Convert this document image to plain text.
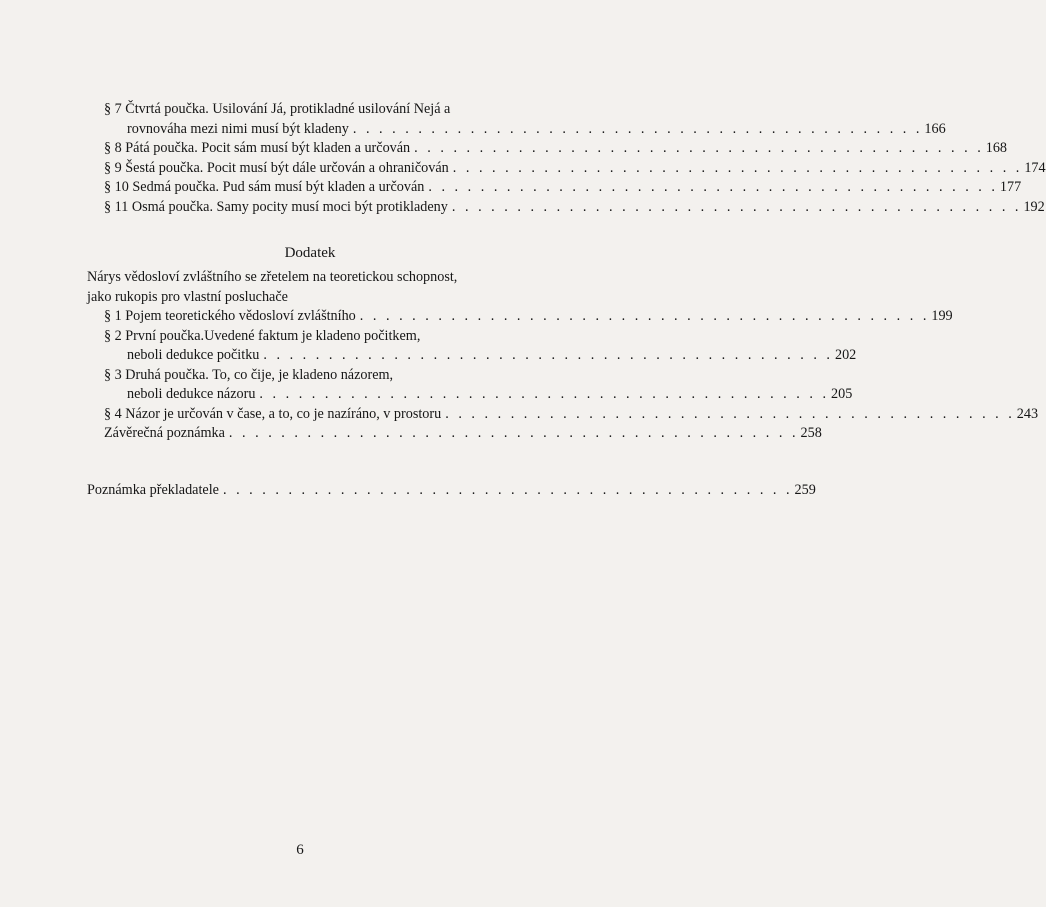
§ 7 Čtvrtá poučka. Usilování Já, protikladné usilování Nejá a
rovnováha mezi nimi musí být kladeny . . . . . . . . . . . . . . . . . . . . . . . . . . . . . . . . . . . . . . . . . . . . 166
§ 8 Pátá poučka. Pocit sám musí být kladen a určován . . . . . . . . . . . . . . . . . . . . . . . . . . . . . . . . . . . . . . . . . . . . 168
§ 9 Šestá poučka. Pocit musí být dále určován a ohraničován . . . . . . . . . . . . . . . . . . . . . . . . . . . . . . . . . . . . . . . . . . . . 174
§ 10 Sedmá poučka. Pud sám musí být kladen a určován . . . . . . . . . . . . . . . . . . . . . . . . . . . . . . . . . . . . . . . . . . . . 177
§ 11 Osmá poučka. Samy pocity musí moci být protikladeny . . . . . . . . . . . . . . . . . . . . . . . . . . . . . . . . . . . . . . . . . . . . 192
Dodatek
Nárys vědosloví zvláštního se zřetelem na teoretickou schopnost,
jako rukopis pro vlastní posluchače
§ 1 Pojem teoretického vědosloví zvláštního . . . . . . . . . . . . . . . . . . . . . . . . . . . . . . . . . . . . . . . . . . . . 199
§ 2 První poučka.Uvedené faktum je kladeno počitkem,
neboli dedukce počitku . . . . . . . . . . . . . . . . . . . . . . . . . . . . . . . . . . . . . . . . . . . . 202
§ 3 Druhá poučka. To, co čije, je kladeno názorem,
neboli dedukce názoru . . . . . . . . . . . . . . . . . . . . . . . . . . . . . . . . . . . . . . . . . . . . 205
§ 4 Názor je určován v čase, a to, co je nazíráno, v prostoru . . . . . . . . . . . . . . . . . . . . . . . . . . . . . . . . . . . . . . . . . . . . 243
Závěrečná poznámka . . . . . . . . . . . . . . . . . . . . . . . . . . . . . . . . . . . . . . . . . . . . 258
Poznámka překladatele . . . . . . . . . . . . . . . . . . . . . . . . . . . . . . . . . . . . . . . . . . . . 259
6
